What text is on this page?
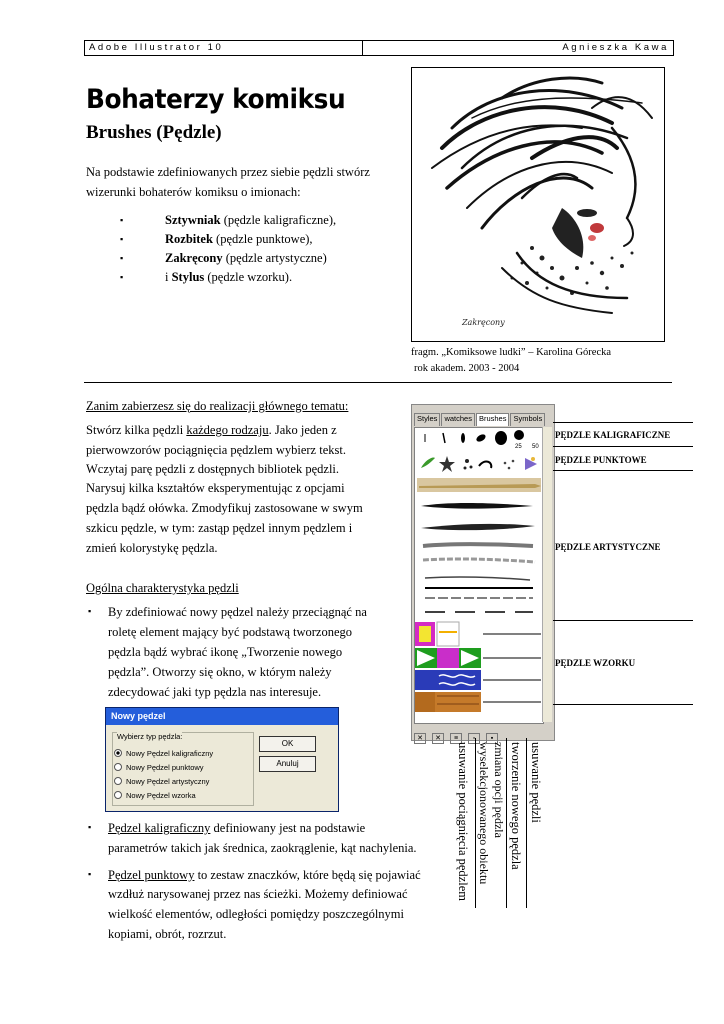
Adobe Illustrator 10	Agnieszka Kawa
Bohaterzy komiksu
Brushes (Pędzle)
Na podstawie zdefiniowanych przez siebie pędzli stwórz
wizerunki bohaterów komiksu o imionach:
▪	Sztywniak (pędzle kaligraficzne),
▪	Rozbitek (pędzle punktowe),
▪	Zakręcony (pędzle artystyczne)
▪	i Stylus (pędzle wzorku).
Zakręcony
fragm. „Komiksowe ludki” – Karolina Górecka
rok akadem. 2003 - 2004
Zanim zabierzesz się do realizacji głównego tematu:
Stwórz kilka pędzli każdego rodzaju. Jako jeden z
pierwowzorów pociągnięcia pędzlem wybierz tekst.
Wczytaj parę pędzli z dostępnych bibliotek pędzli.
Narysuj kilka kształtów eksperymentując z opcjami
pędzla bądź ołówka. Zmodyfikuj zastosowane w swym
szkicu pędzle, w tym: zastąp pędzel innym pędzlem i
zmień kolorystykę pędzla.
Ogólna charakterystyka pędzli
▪ By zdefiniować nowy pędzel należy przeciągnąć na
roletę element mający być podstawą tworzonego
pędzla bądź wybrać ikonę „Tworzenie nowego
pędzla”. Otworzy się okno, w którym należy
zdecydować jaki typ pędzla nas interesuje.
Nowy pędzel
Wybierz typ pędzla:
Nowy Pędzel kaligraficzny
Nowy Pędzel punktowy
Nowy Pędzel artystyczny
Nowy Pędzel wzorka
OK
Anuluj
▪ Pędzel kaligraficzny definiowany jest na podstawie
parametrów takich jak średnica, zaokrąglenie, kąt nachylenia.
▪ Pędzel punktowy to zestaw znaczków, które będą się pojawiać
wzdłuż narysowanej przez nas ścieżki. Możemy definiować
wielkość elementów, odległości pomiędzy poszczególnymi
kopiami, obrót, rozrzut.
Styles watches Brushes Symbols
25 50
✕ ✕ ≡ ▫ ▪
PĘDZLE KALIGRAFICZNE
PĘDZLE PUNKTOWE
PĘDZLE ARTYSTYCZNE
PĘDZLE WZORKU
usuwanie pędzli
tworzenie nowego pędzla
zmiana opcji pędzla wyselekcjonowanego obiektu
usuwanie pociągnięcia pędzlem
